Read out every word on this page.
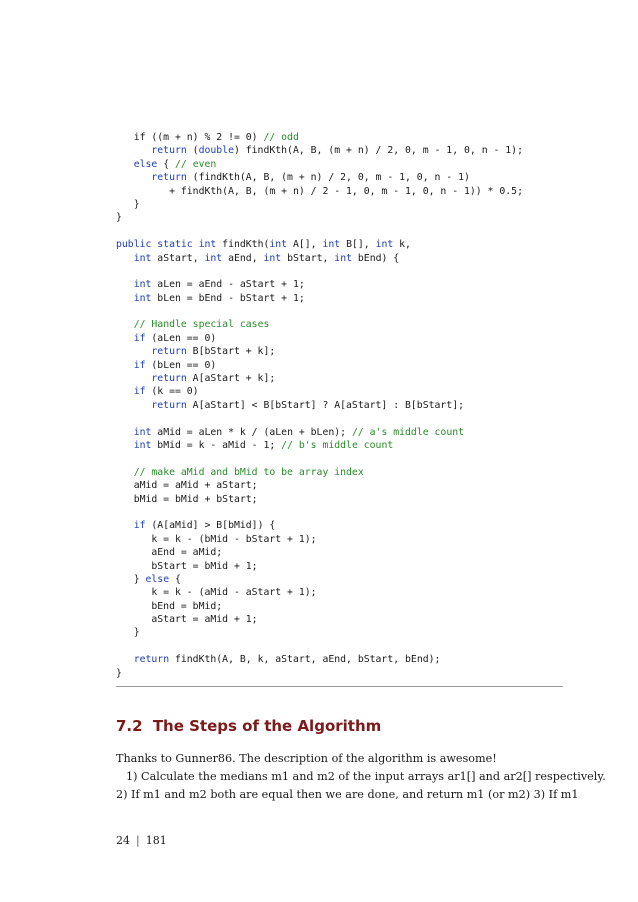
if ((m + n) % 2 != 0) // odd
return (double) findKth(A, B, (m + n) / 2, 0, m - 1, 0, n - 1);
else { // even
return (findKth(A, B, (m + n) / 2, 0, m - 1, 0, n - 1)
+ findKth(A, B, (m + n) / 2 - 1, 0, m - 1, 0, n - 1)) * 0.5;
}
}
public static int findKth(int A[], int B[], int k,
int aStart, int aEnd, int bStart, int bEnd) {
int aLen = aEnd - aStart + 1;
int bLen = bEnd - bStart + 1;
// Handle special cases
if (aLen == 0)
return B[bStart + k];
if (bLen == 0)
return A[aStart + k];
if (k == 0)
return A[aStart] < B[bStart] ? A[aStart] : B[bStart];
int aMid = aLen * k / (aLen + bLen); // a's middle count
int bMid = k - aMid - 1; // b's middle count
// make aMid and bMid to be array index
aMid = aMid + aStart;
bMid = bMid + bStart;
if (A[aMid] > B[bMid]) {
k = k - (bMid - bStart + 1);
aEnd = aMid;
bStart = bMid + 1;
} else {
k = k - (aMid - aStart + 1);
bEnd = bMid;
aStart = aMid + 1;
}
return findKth(A, B, k, aStart, aEnd, bStart, bEnd);
}
7.2 The Steps of the Algorithm
Thanks to Gunner86. The description of the algorithm is awesome!
1) Calculate the medians m1 and m2 of the input arrays ar1[] and ar2[] respectively.
2) If m1 and m2 both are equal then we are done, and return m1 (or m2) 3) If m1
24 | 181
